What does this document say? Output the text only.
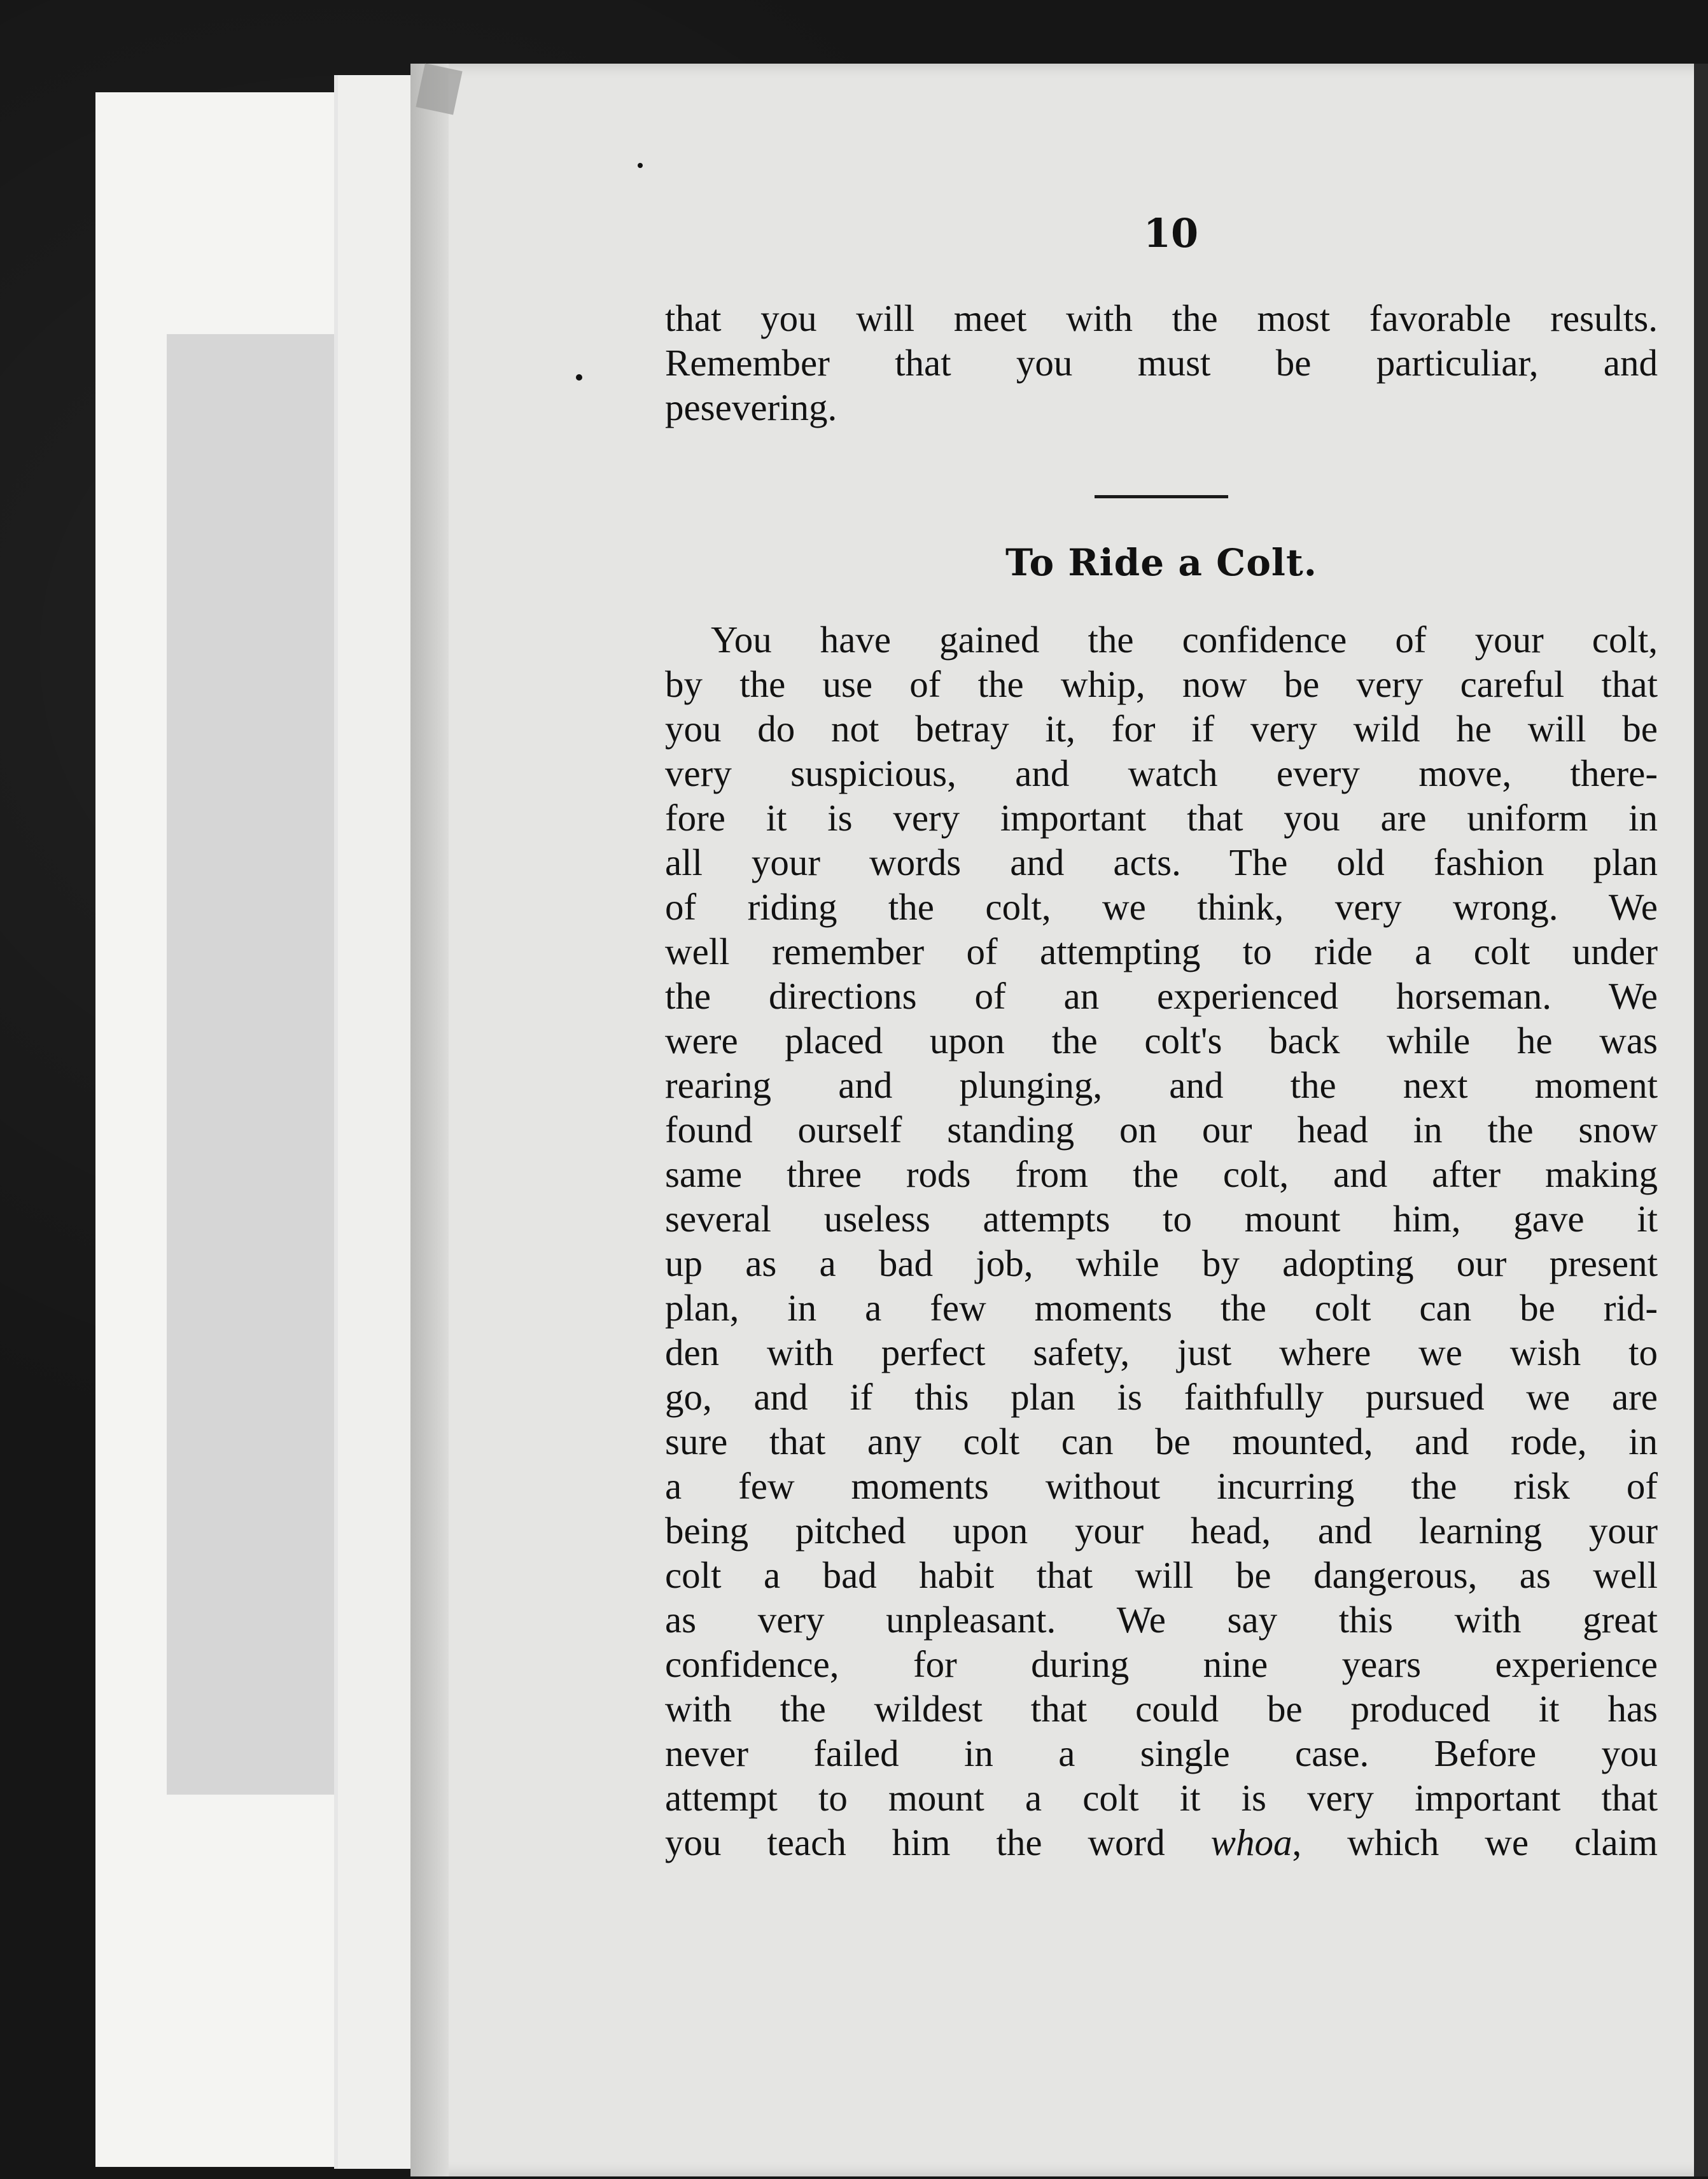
10
that you will meet with the most favorable results.
Remember that you must be particuliar, and
pesevering.
To Ride a Colt.
You have gained the confidence of your colt,
by the use of the whip, now be very careful that
you do not betray it, for if very wild he will be
very suspicious, and watch every move, there-
fore it is very important that you are uniform in
all your words and acts. The old fashion plan
of riding the colt, we think, very wrong. We
well remember of attempting to ride a colt under
the directions of an experienced horseman. We
were placed upon the colt's back while he was
rearing and plunging, and the next moment
found ourself standing on our head in the snow
same three rods from the colt, and after making
several useless attempts to mount him, gave it
up as a bad job, while by adopting our present
plan, in a few moments the colt can be rid-
den with perfect safety, just where we wish to
go, and if this plan is faithfully pursued we are
sure that any colt can be mounted, and rode, in
a few moments without incurring the risk of
being pitched upon your head, and learning your
colt a bad habit that will be dangerous, as well
as very unpleasant. We say this with great
confidence, for during nine years experience
with the wildest that could be produced it has
never failed in a single case. Before you
attempt to mount a colt it is very important that
you teach him the word whoa, which we claim
